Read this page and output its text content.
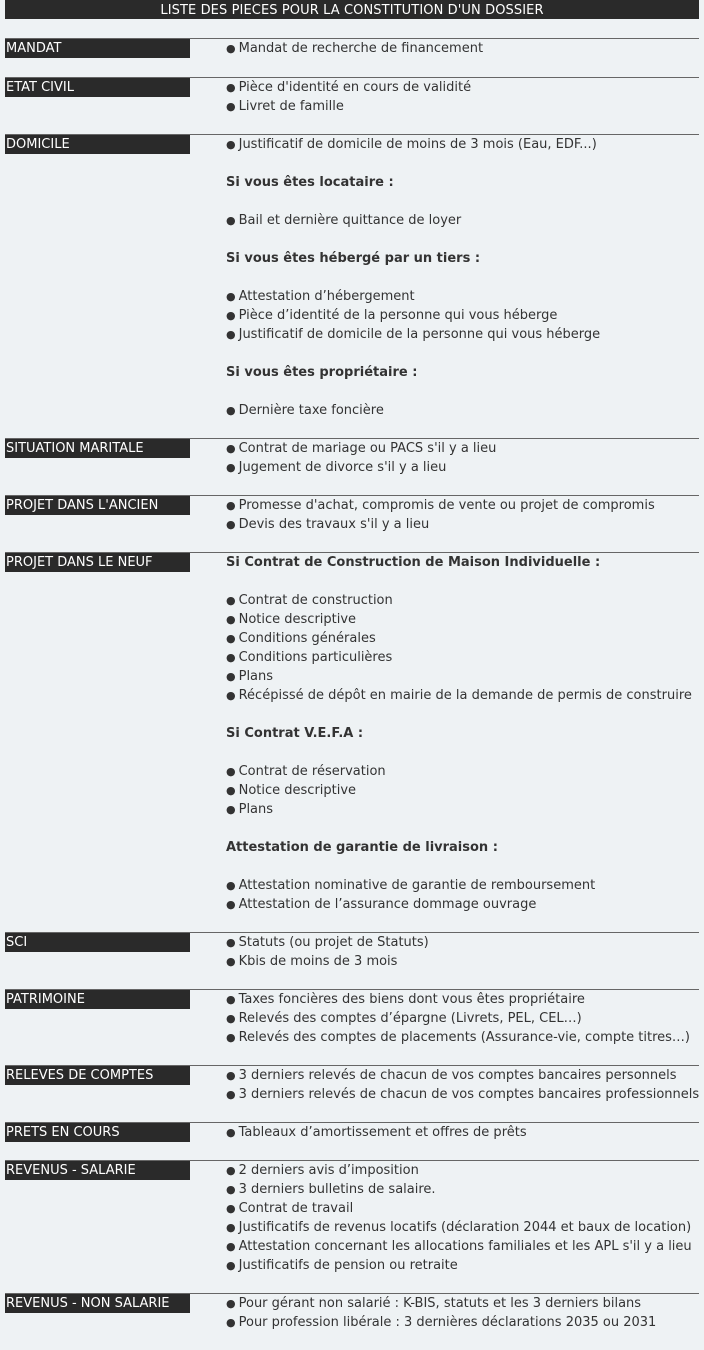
LISTE DES PIECES POUR LA CONSTITUTION D'UN DOSSIER
MANDAT	● Mandat de recherche de financement
ETAT CIVIL	● Pièce d'identité en cours de validité
● Livret de famille
DOMICILE	● Justificatif de domicile de moins de 3 mois (Eau, EDF...)
Si vous êtes locataire :
● Bail et dernière quittance de loyer
Si vous êtes hébergé par un tiers :
● Attestation d’hébergement
● Pièce d’identité de la personne qui vous héberge
● Justificatif de domicile de la personne qui vous héberge
Si vous êtes propriétaire :
● Dernière taxe foncière
SITUATION MARITALE	● Contrat de mariage ou PACS s'il y a lieu
● Jugement de divorce s'il y a lieu
PROJET DANS L'ANCIEN	● Promesse d'achat, compromis de vente ou projet de compromis
● Devis des travaux s'il y a lieu
PROJET DANS LE NEUF	Si Contrat de Construction de Maison Individuelle :
● Contrat de construction
● Notice descriptive
● Conditions générales
● Conditions particulières
● Plans
● Récépissé de dépôt en mairie de la demande de permis de construire
Si Contrat V.E.F.A :
● Contrat de réservation
● Notice descriptive
● Plans
Attestation de garantie de livraison :
● Attestation nominative de garantie de remboursement
● Attestation de l’assurance dommage ouvrage
SCI	● Statuts (ou projet de Statuts)
● Kbis de moins de 3 mois
PATRIMOINE	● Taxes foncières des biens dont vous êtes propriétaire
● Relevés des comptes d’épargne (Livrets, PEL, CEL…)
● Relevés des comptes de placements (Assurance-vie, compte titres…)
RELEVES DE COMPTES	● 3 derniers relevés de chacun de vos comptes bancaires personnels
● 3 derniers relevés de chacun de vos comptes bancaires professionnels
PRETS EN COURS	● Tableaux d’amortissement et offres de prêts
REVENUS - SALARIE	● 2 derniers avis d’imposition
● 3 derniers bulletins de salaire.
● Contrat de travail
● Justificatifs de revenus locatifs (déclaration 2044 et baux de location)
● Attestation concernant les allocations familiales et les APL s'il y a lieu
● Justificatifs de pension ou retraite
REVENUS - NON SALARIE	● Pour gérant non salarié : K-BIS, statuts et les 3 derniers bilans
● Pour profession libérale : 3 dernières déclarations 2035 ou 2031
